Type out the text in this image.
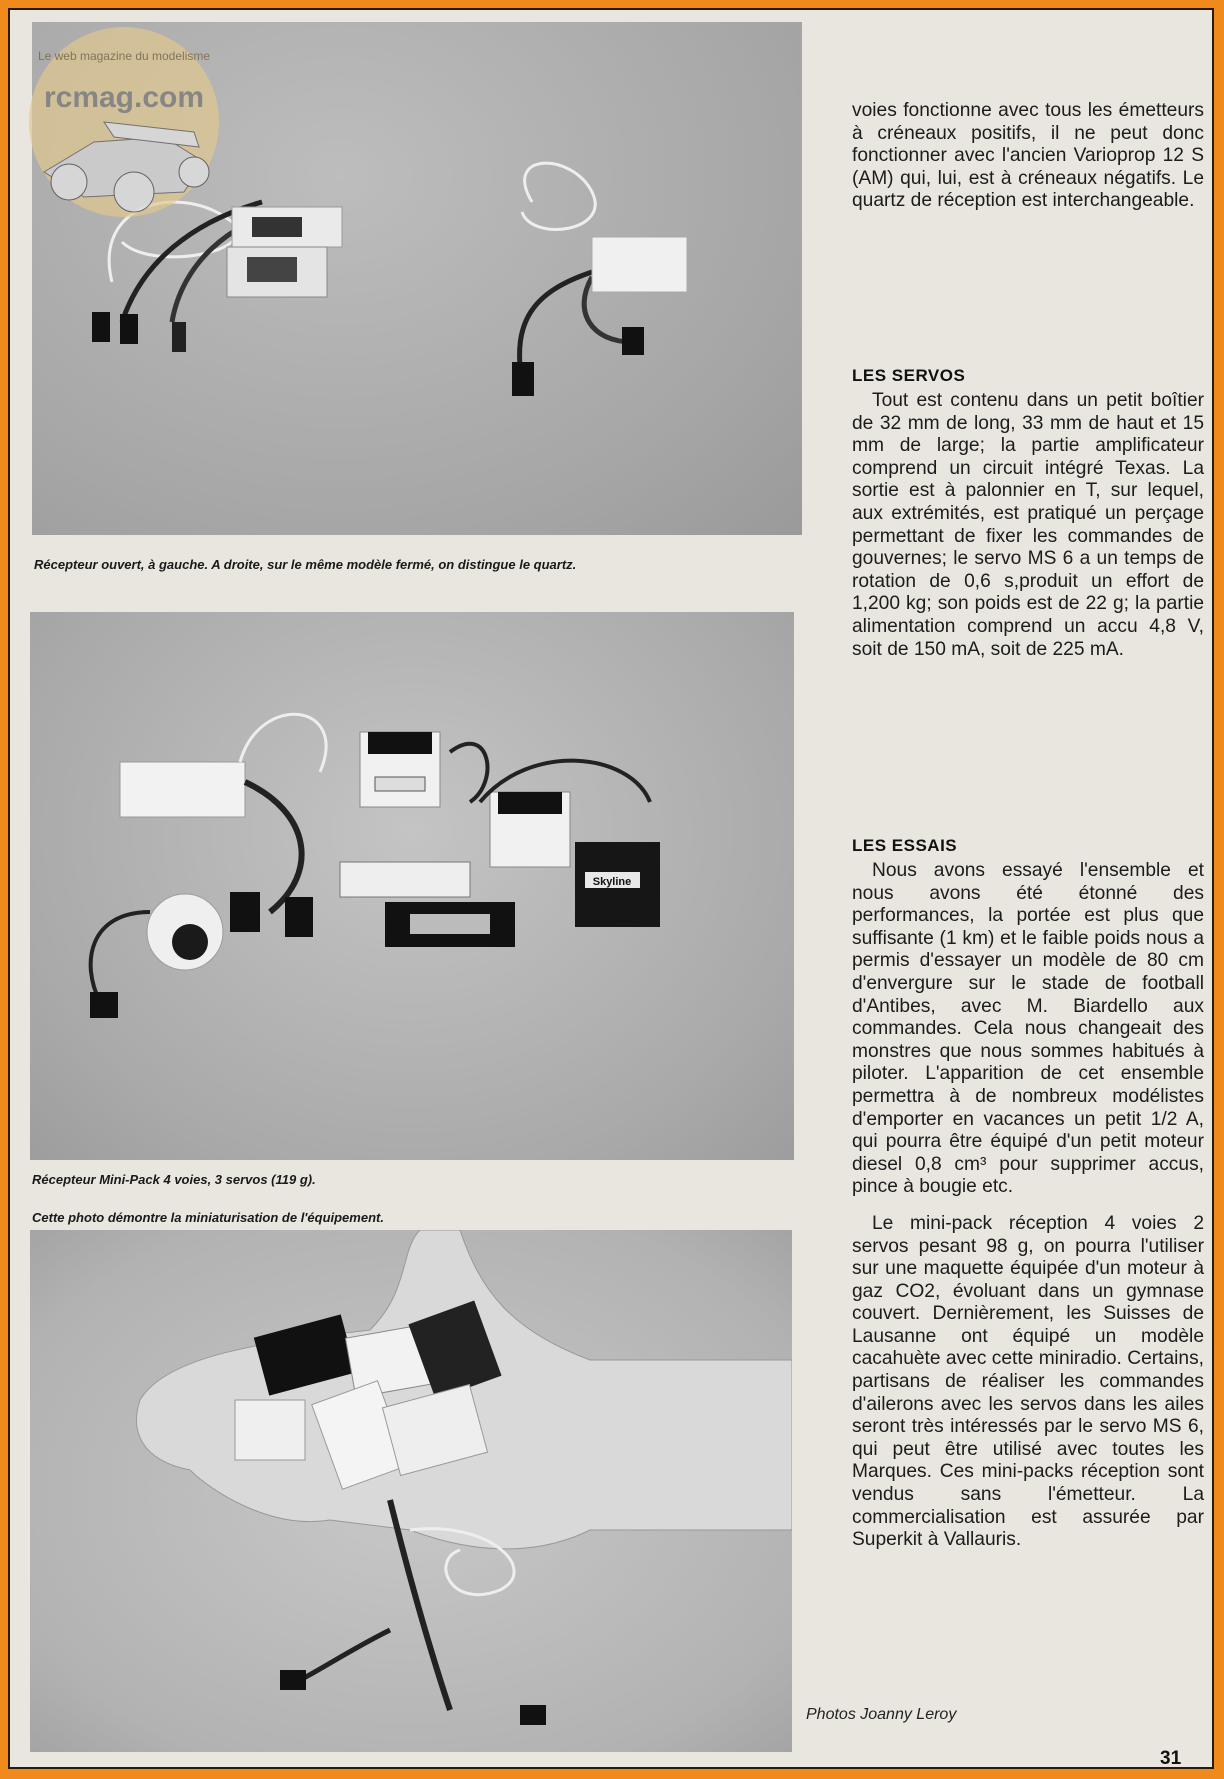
Récepteur ouvert, à gauche. A droite, sur le même modèle fermé, on distingue le quartz.
Skyline
Récepteur Mini-Pack 4 voies, 3 servos (119 g).
Cette photo démontre la miniaturisation de l'équipement.
rcmag.com
Le web magazine du modelisme

voies fonctionne avec tous les émetteurs à créneaux positifs, il ne peut donc fonctionner avec l'ancien Varioprop 12 S (AM) qui, lui, est à créneaux négatifs. Le quartz de réception est interchangeable.

LES SERVOS

Tout est contenu dans un petit boîtier de 32 mm de long, 33 mm de haut et 15 mm de large; la partie amplificateur comprend un circuit intégré Texas. La sortie est à palonnier en T, sur lequel, aux extrémités, est pratiqué un perçage permettant de fixer les commandes de gouvernes; le servo MS 6 a un temps de rotation de 0,6 s,produit un effort de 1,200 kg; son poids est de 22 g; la partie alimentation comprend un accu 4,8 V, soit de 150 mA, soit de 225 mA.

LES ESSAIS

Nous avons essayé l'ensemble et nous avons été étonné des performances, la portée est plus que suffisante (1 km) et le faible poids nous a permis d'essayer un modèle de 80 cm d'envergure sur le stade de football d'Antibes, avec M. Biardello aux commandes. Cela nous changeait des monstres que nous sommes habitués à piloter. L'apparition de cet ensemble permettra à de nombreux modélistes d'emporter en vacances un petit 1/2 A, qui pourra être équipé d'un petit moteur diesel 0,8 cm³ pour supprimer accus, pince à bougie etc.

Le mini-pack réception 4 voies 2 servos pesant 98 g, on pourra l'utiliser sur une maquette équipée d'un moteur à gaz CO2, évoluant dans un gymnase couvert. Dernièrement, les Suisses de Lausanne ont équipé un modèle cacahuète avec cette miniradio. Certains, partisans de réaliser les commandes d'ailerons avec les servos dans les ailes seront très intéressés par le servo MS 6, qui peut être utilisé avec toutes les Marques. Ces mini-packs réception sont vendus sans l'émetteur. La commercialisation est assurée par Superkit à Vallauris.

Photos Joanny Leroy
31
